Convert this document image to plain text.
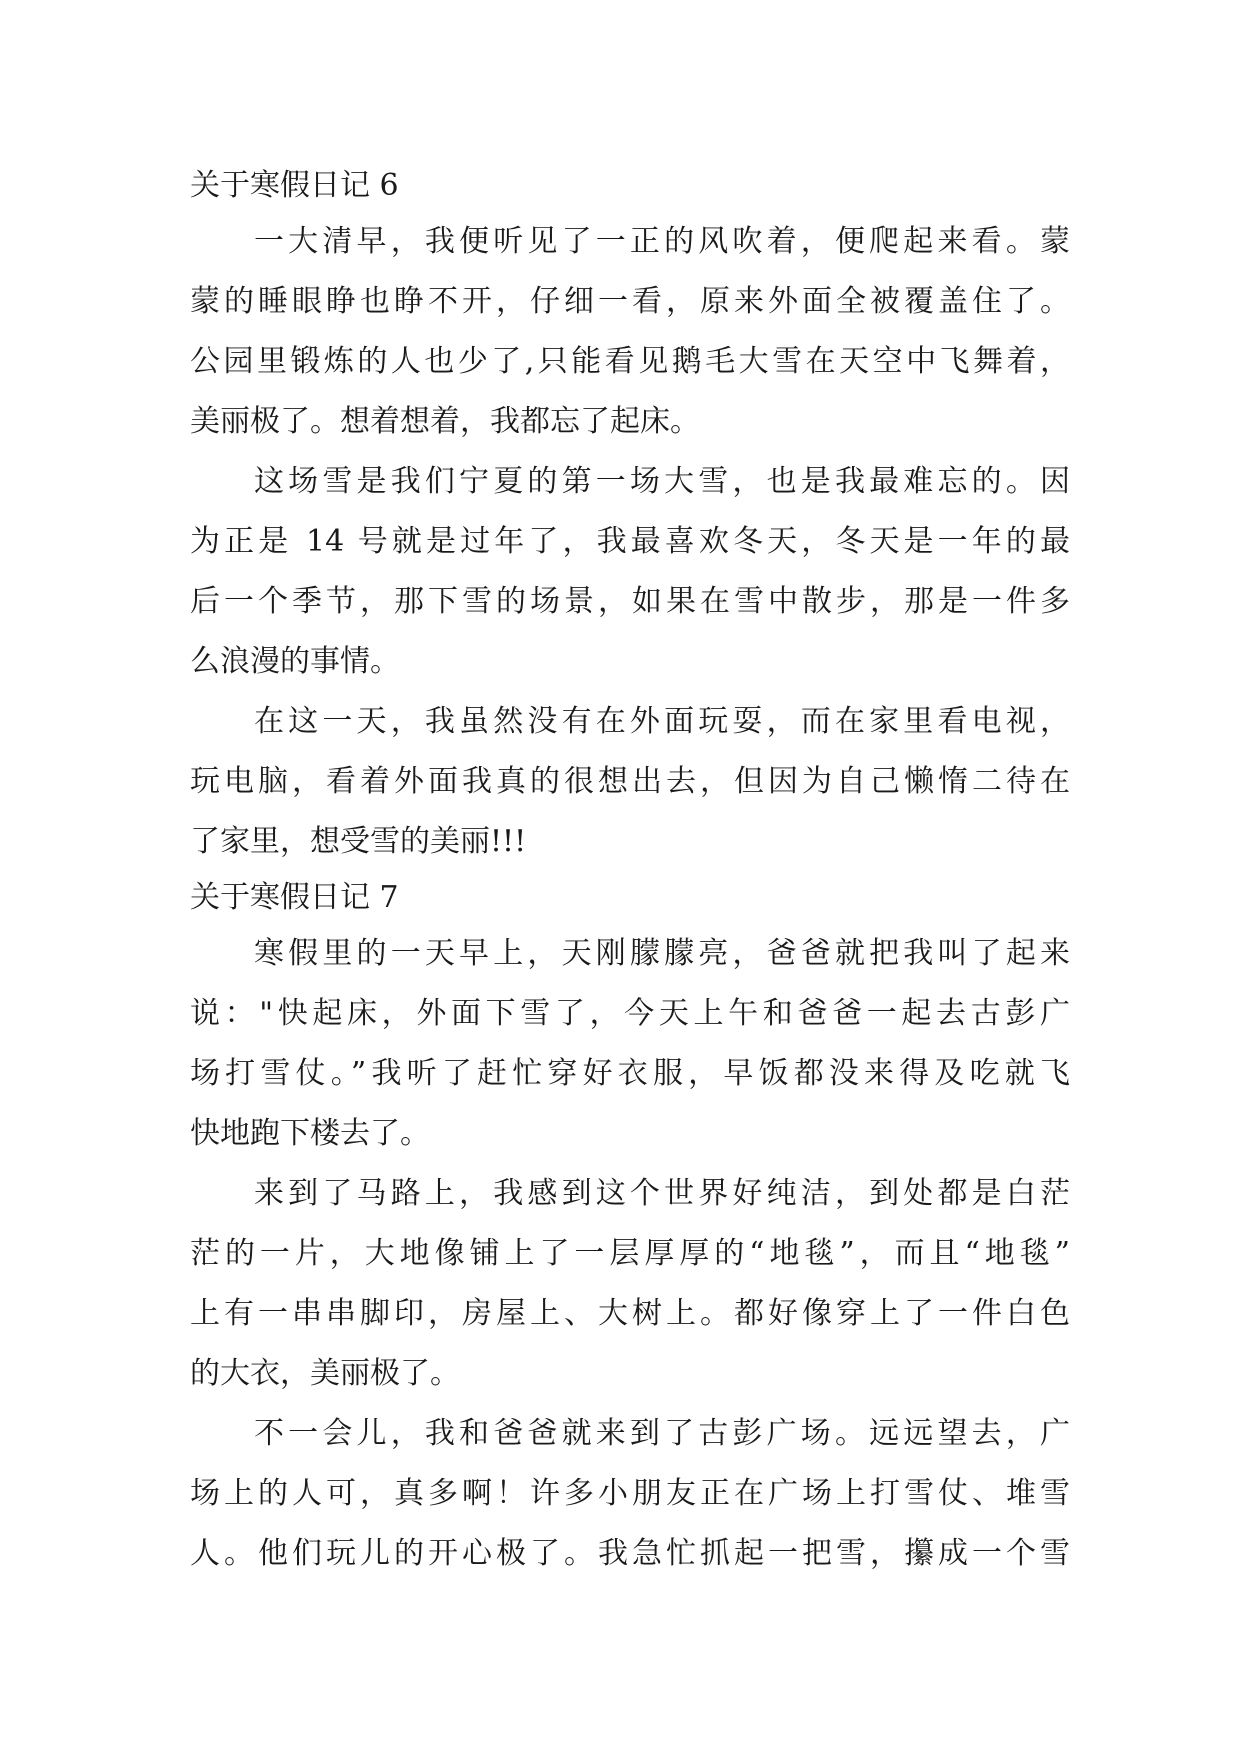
关于寒假日记 6
一大清早，我便听见了一正的风吹着，便爬起来看。蒙
蒙的睡眼睁也睁不开，仔细一看，原来外面全被覆盖住了。
公园里锻炼的人也少了,只能看见鹅毛大雪在天空中飞舞着，
美丽极了。想着想着，我都忘了起床。
这场雪是我们宁夏的第一场大雪，也是我最难忘的。因
为正是 14 号就是过年了，我最喜欢冬天，冬天是一年的最
后一个季节，那下雪的场景，如果在雪中散步，那是一件多
么浪漫的事情。
在这一天，我虽然没有在外面玩耍，而在家里看电视，
玩电脑，看着外面我真的很想出去，但因为自己懒惰二待在
了家里，想受雪的美丽!!!
关于寒假日记 7
寒假里的一天早上，天刚朦朦亮，爸爸就把我叫了起来
说："快起床，外面下雪了，今天上午和爸爸一起去古彭广
场打雪仗。”我听了赶忙穿好衣服，早饭都没来得及吃就飞
快地跑下楼去了。
来到了马路上，我感到这个世界好纯洁，到处都是白茫
茫的一片，大地像铺上了一层厚厚的“地毯”，而且“地毯”
上有一串串脚印，房屋上、大树上。都好像穿上了一件白色
的大衣，美丽极了。
不一会儿，我和爸爸就来到了古彭广场。远远望去，广
场上的人可，真多啊！许多小朋友正在广场上打雪仗、堆雪
人。他们玩儿的开心极了。我急忙抓起一把雪，攥成一个雪
